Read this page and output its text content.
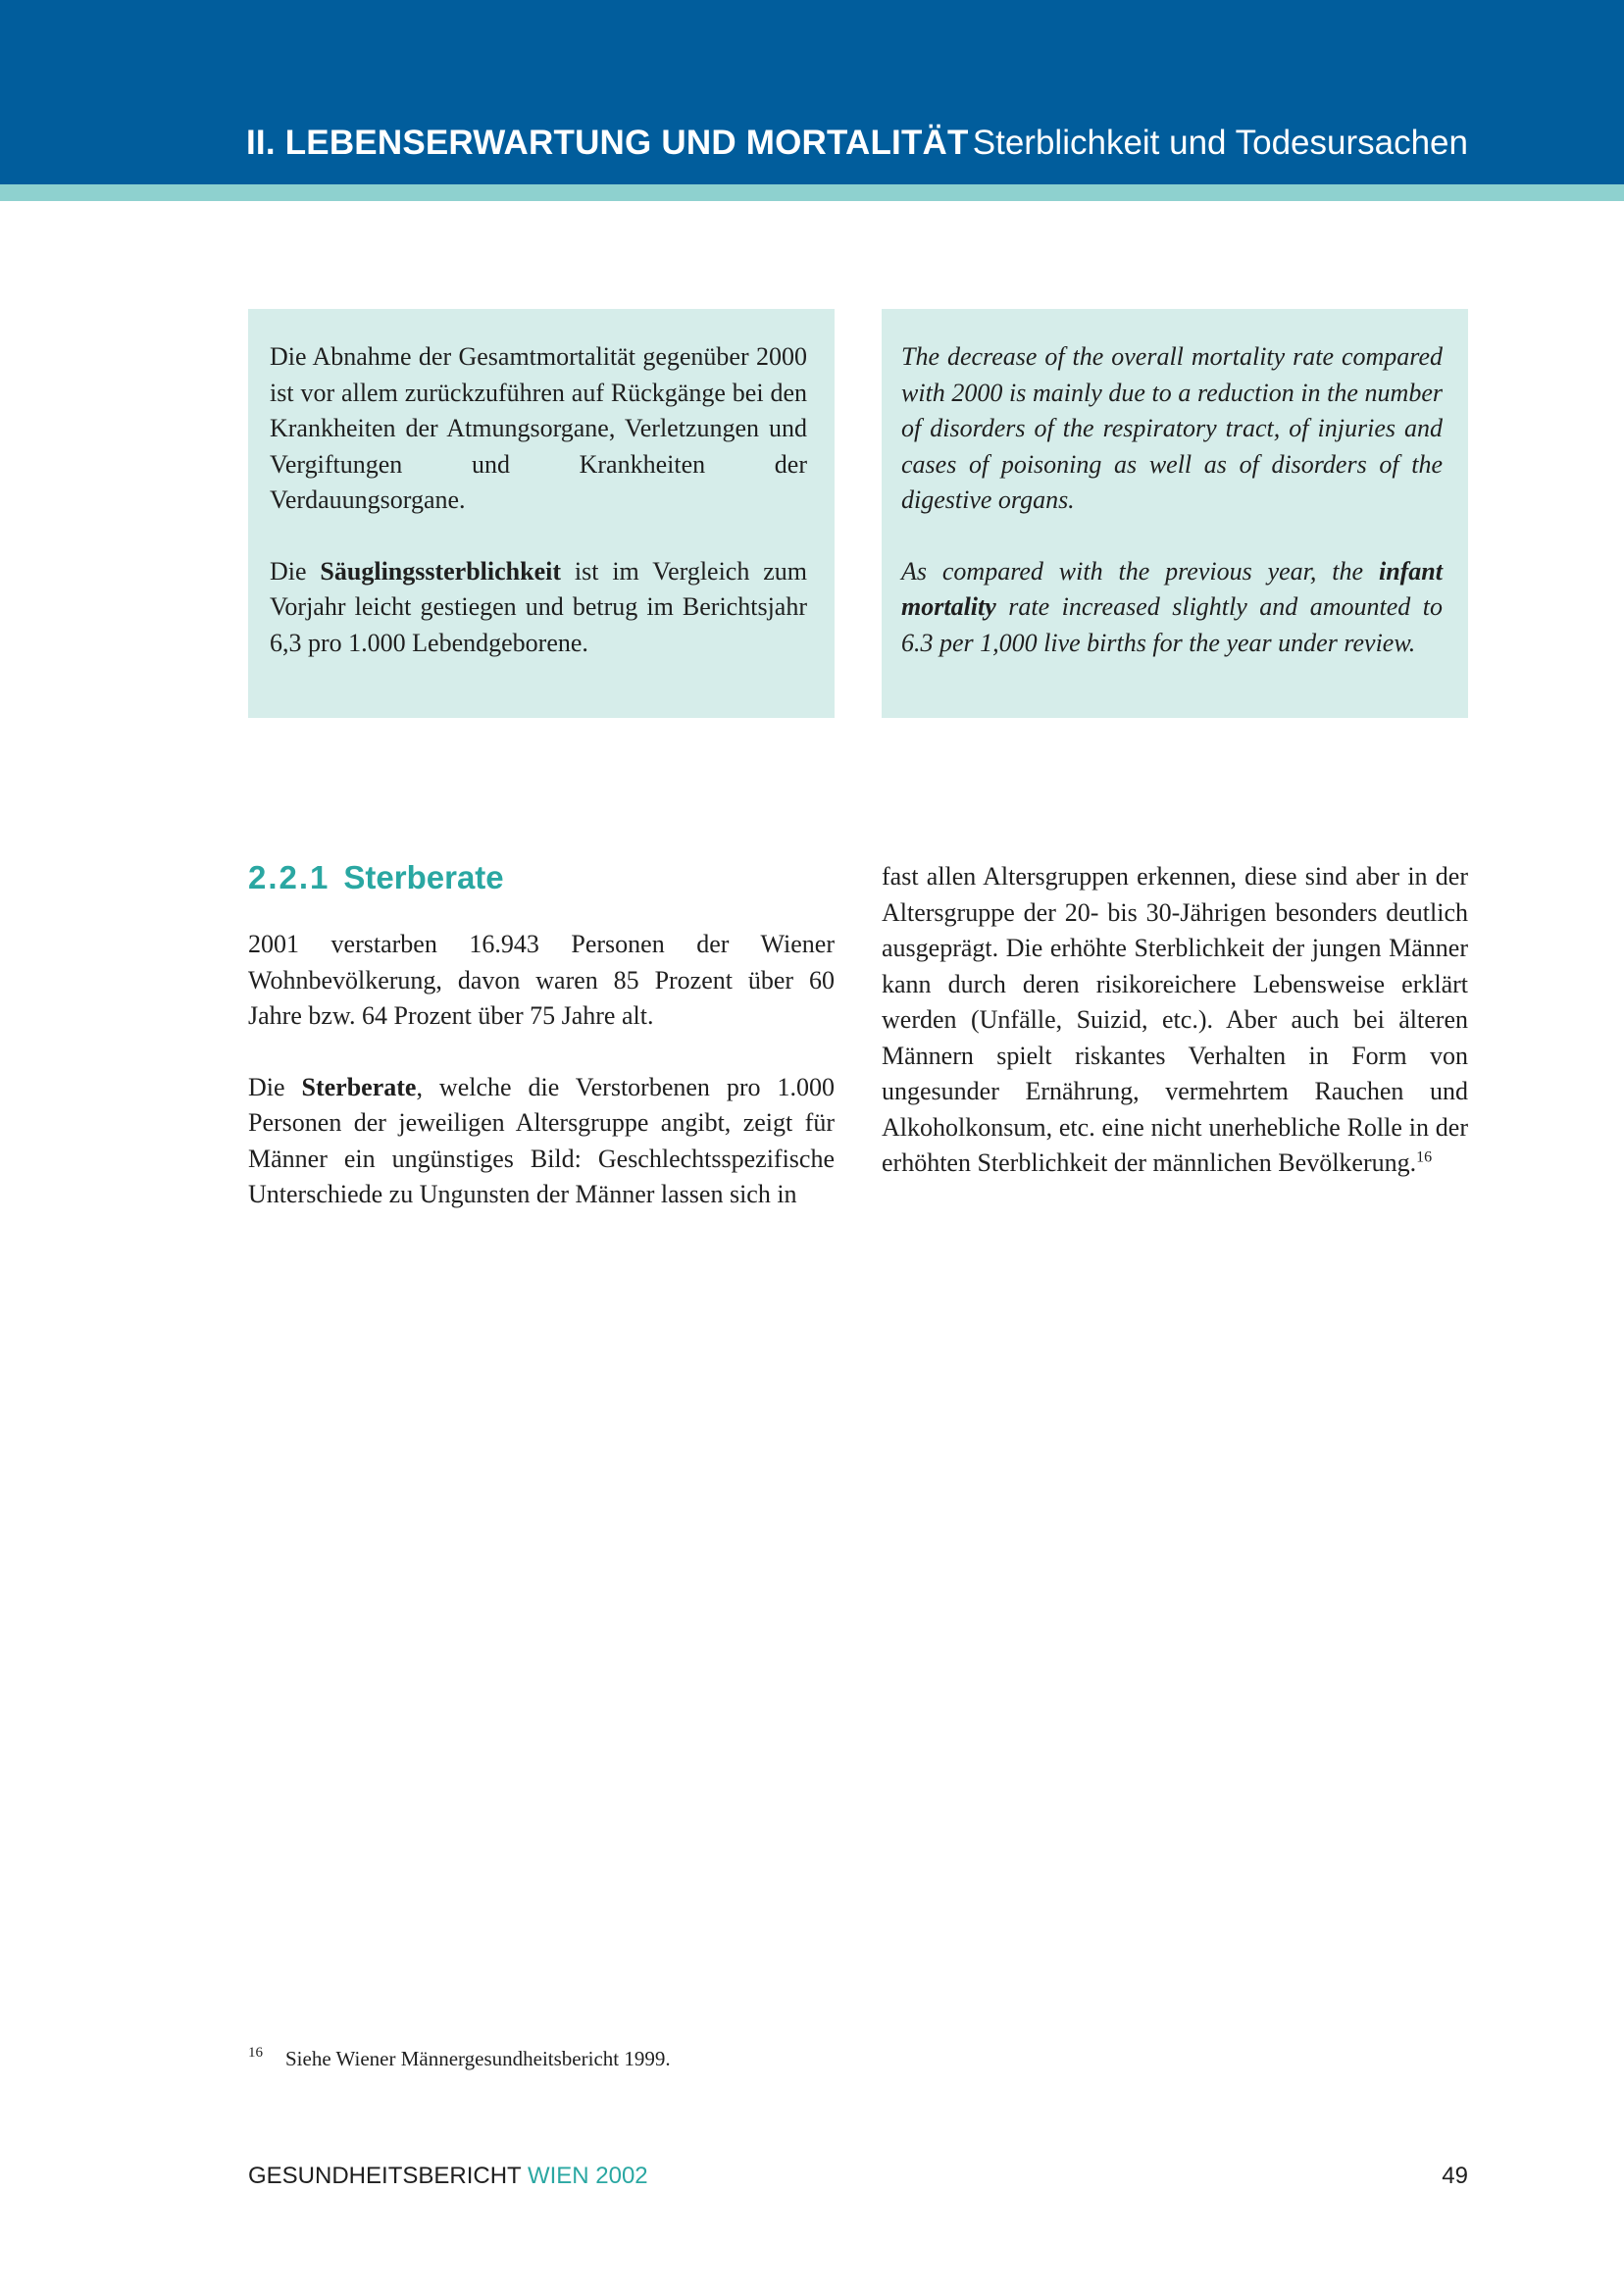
II. LEBENSERWARTUNG UND MORTALITÄT Sterblichkeit und Todesursachen

Die Abnahme der Gesamtmortalität gegenüber 2000 ist vor allem zurückzuführen auf Rückgänge bei den Krankheiten der Atmungsorgane, Verletzungen und Vergiftungen und Krankheiten der Verdauungsorgane.

Die Säuglingssterblichkeit ist im Vergleich zum Vorjahr leicht gestiegen und betrug im Berichtsjahr 6,3 pro 1.000 Lebendgeborene.

The decrease of the overall mortality rate compared with 2000 is mainly due to a reduction in the number of disorders of the respiratory tract, of injuries and cases of poisoning as well as of disorders of the digestive organs.

As compared with the previous year, the infant mortality rate increased slightly and amounted to 6.3 per 1,000 live births for the year under review.

2.2.1 Sterberate

2001 verstarben 16.943 Personen der Wiener Wohnbevölkerung, davon waren 85 Prozent über 60 Jahre bzw. 64 Prozent über 75 Jahre alt.

Die Sterberate, welche die Verstorbenen pro 1.000 Personen der jeweiligen Altersgruppe angibt, zeigt für Männer ein ungünstiges Bild: Geschlechtsspezifische Unterschiede zu Ungunsten der Männer lassen sich in

fast allen Altersgruppen erkennen, diese sind aber in der Altersgruppe der 20- bis 30-Jährigen besonders deutlich ausgeprägt. Die erhöhte Sterblichkeit der jungen Männer kann durch deren risikoreichere Lebensweise erklärt werden (Unfälle, Suizid, etc.). Aber auch bei älteren Männern spielt riskantes Verhalten in Form von ungesunder Ernährung, vermehrtem Rauchen und Alkoholkonsum, etc. eine nicht unerhebliche Rolle in der erhöhten Sterblichkeit der männlichen Bevölkerung.$^{16}$

16 Siehe Wiener Männergesundheitsbericht 1999.
GESUNDHEITSBERICHT WIEN 2002	49
